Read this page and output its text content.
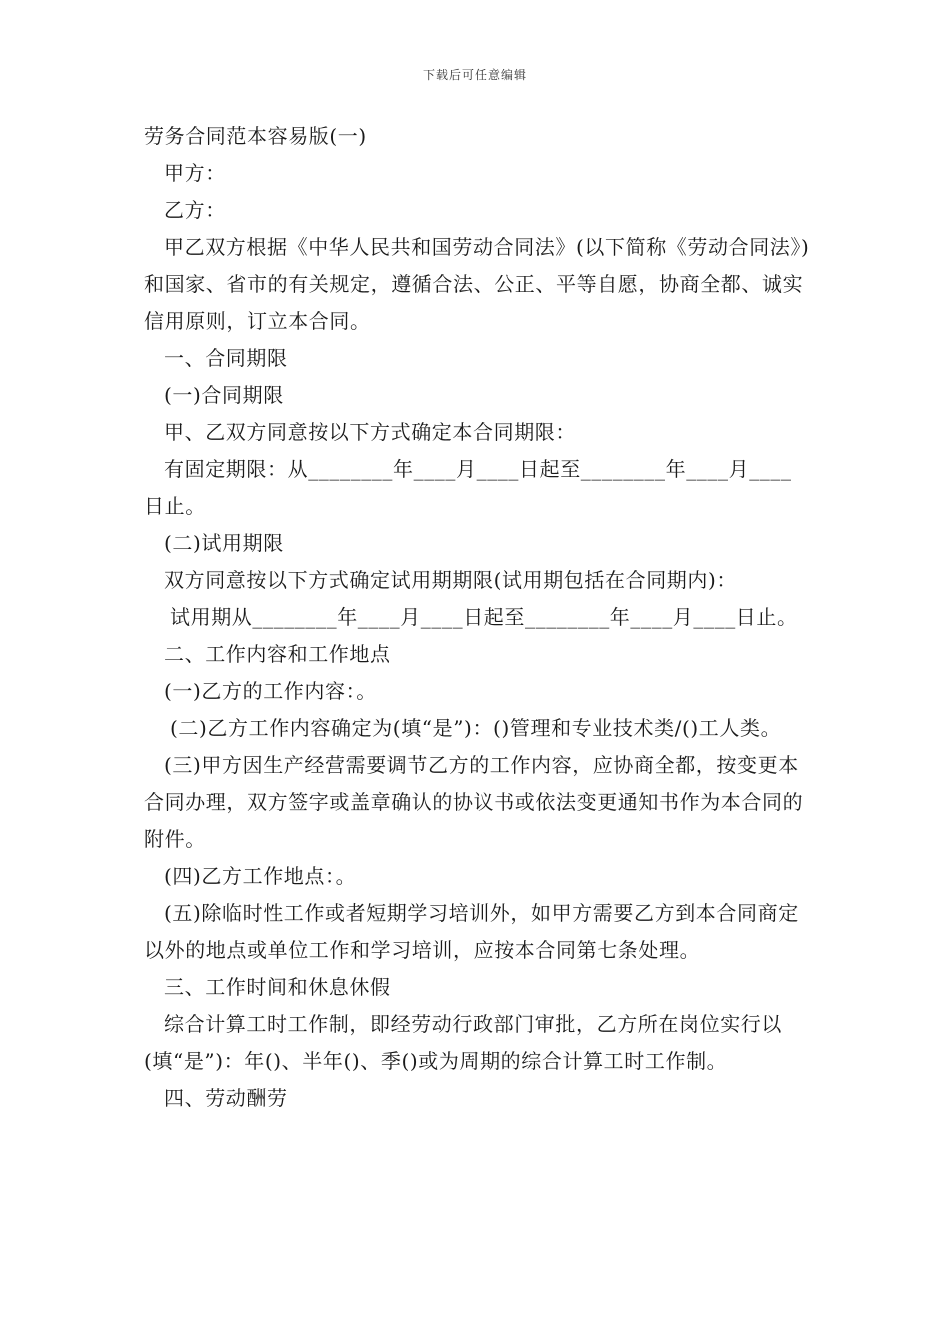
下载后可任意编辑

劳务合同范本容易版(一)

甲方：

乙方：

甲乙双方根据《中华人民共和国劳动合同法》(以下简称《劳动合同法》)和国家、省市的有关规定，遵循合法、公正、平等自愿，协商全都、诚实信用原则，订立本合同。

一、合同期限

(一)合同期限

甲、乙双方同意按以下方式确定本合同期限：

有固定期限：从________年____月____日起至________年____月____日止。

(二)试用期限

双方同意按以下方式确定试用期期限(试用期包括在合同期内)：

试用期从________年____月____日起至________年____月____日止。

二、工作内容和工作地点

(一)乙方的工作内容：。

(二)乙方工作内容确定为(填“是”)：()管理和专业技术类/()工人类。

(三)甲方因生产经营需要调节乙方的工作内容，应协商全都，按变更本合同办理，双方签字或盖章确认的协议书或依法变更通知书作为本合同的附件。

(四)乙方工作地点：。

(五)除临时性工作或者短期学习培训外，如甲方需要乙方到本合同商定以外的地点或单位工作和学习培训，应按本合同第七条处理。

三、工作时间和休息休假

综合计算工时工作制，即经劳动行政部门审批，乙方所在岗位实行以(填“是”)：年()、半年()、季()或为周期的综合计算工时工作制。

四、劳动酬劳
